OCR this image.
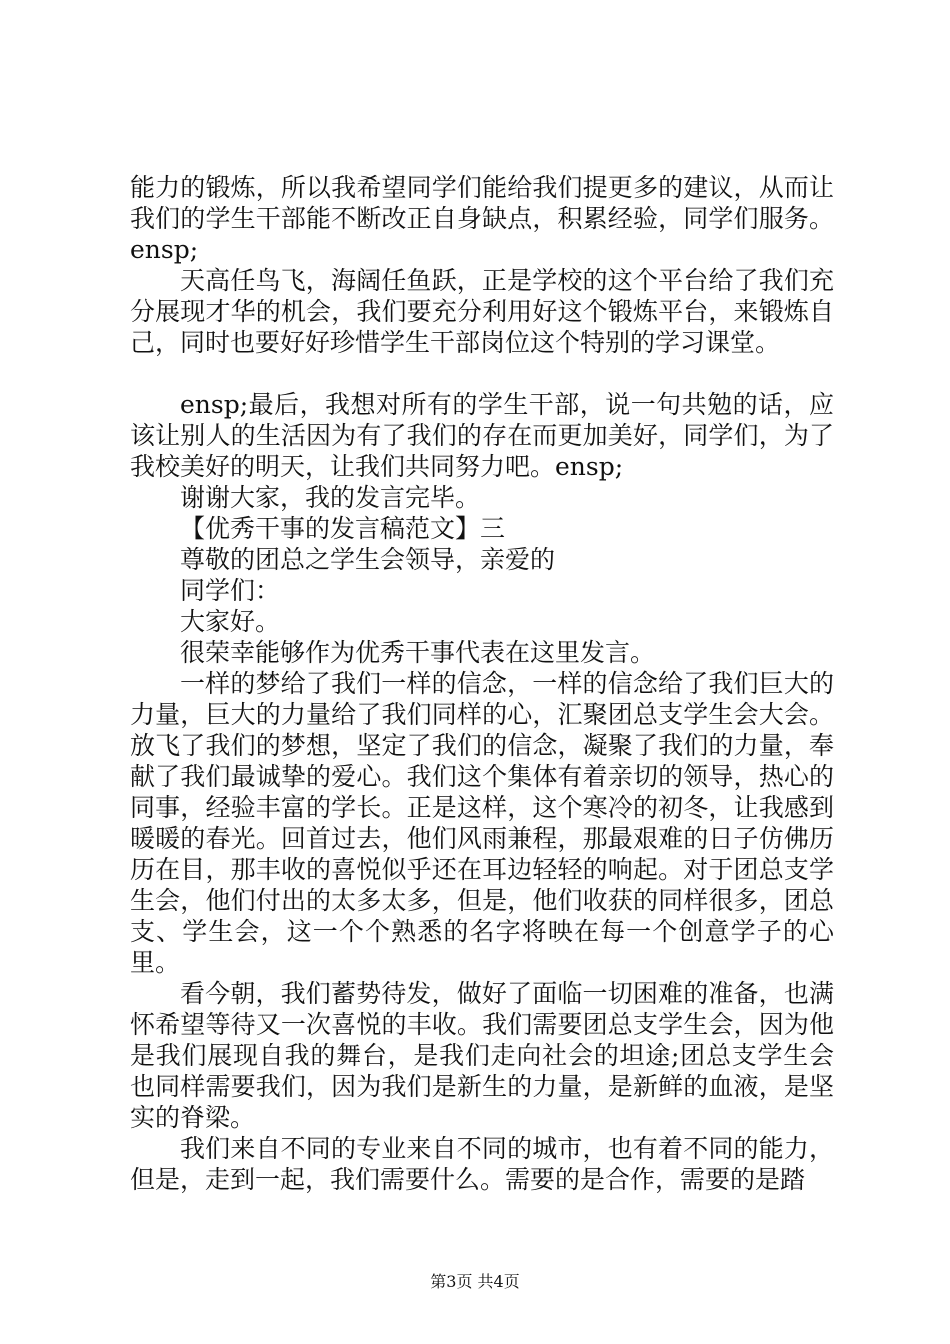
能力的锻炼，所以我希望同学们能给我们提更多的建议，从而让我们的学生干部能不断改正自身缺点，积累经验，同学们服务。ensp;

天高任鸟飞，海阔任鱼跃，正是学校的这个平台给了我们充分展现才华的机会，我们要充分利用好这个锻炼平台，来锻炼自己，同时也要好好珍惜学生干部岗位这个特别的学习课堂。

ensp;最后，我想对所有的学生干部，说一句共勉的话，应该让别人的生活因为有了我们的存在而更加美好，同学们，为了我校美好的明天，让我们共同努力吧。ensp;

谢谢大家，我的发言完毕。

【优秀干事的发言稿范文】三

尊敬的团总之学生会领导，亲爱的

同学们：

大家好。

很荣幸能够作为优秀干事代表在这里发言。

一样的梦给了我们一样的信念，一样的信念给了我们巨大的力量，巨大的力量给了我们同样的心，汇聚团总支学生会大会。放飞了我们的梦想，坚定了我们的信念，凝聚了我们的力量，奉献了我们最诚挚的爱心。我们这个集体有着亲切的领导，热心的同事，经验丰富的学长。正是这样，这个寒冷的初冬，让我感到暖暖的春光。回首过去，他们风雨兼程，那最艰难的日子仿佛历历在目，那丰收的喜悦似乎还在耳边轻轻的响起。对于团总支学生会，他们付出的太多太多，但是，他们收获的同样很多，团总支、学生会，这一个个熟悉的名字将映在每一个创意学子的心里。

看今朝，我们蓄势待发，做好了面临一切困难的准备，也满怀希望等待又一次喜悦的丰收。我们需要团总支学生会，因为他是我们展现自我的舞台，是我们走向社会的坦途;团总支学生会也同样需要我们，因为我们是新生的力量，是新鲜的血液，是坚实的脊梁。

我们来自不同的专业来自不同的城市，也有着不同的能力，但是，走到一起，我们需要什么。需要的是合作，需要的是踏

第3页 共4页
